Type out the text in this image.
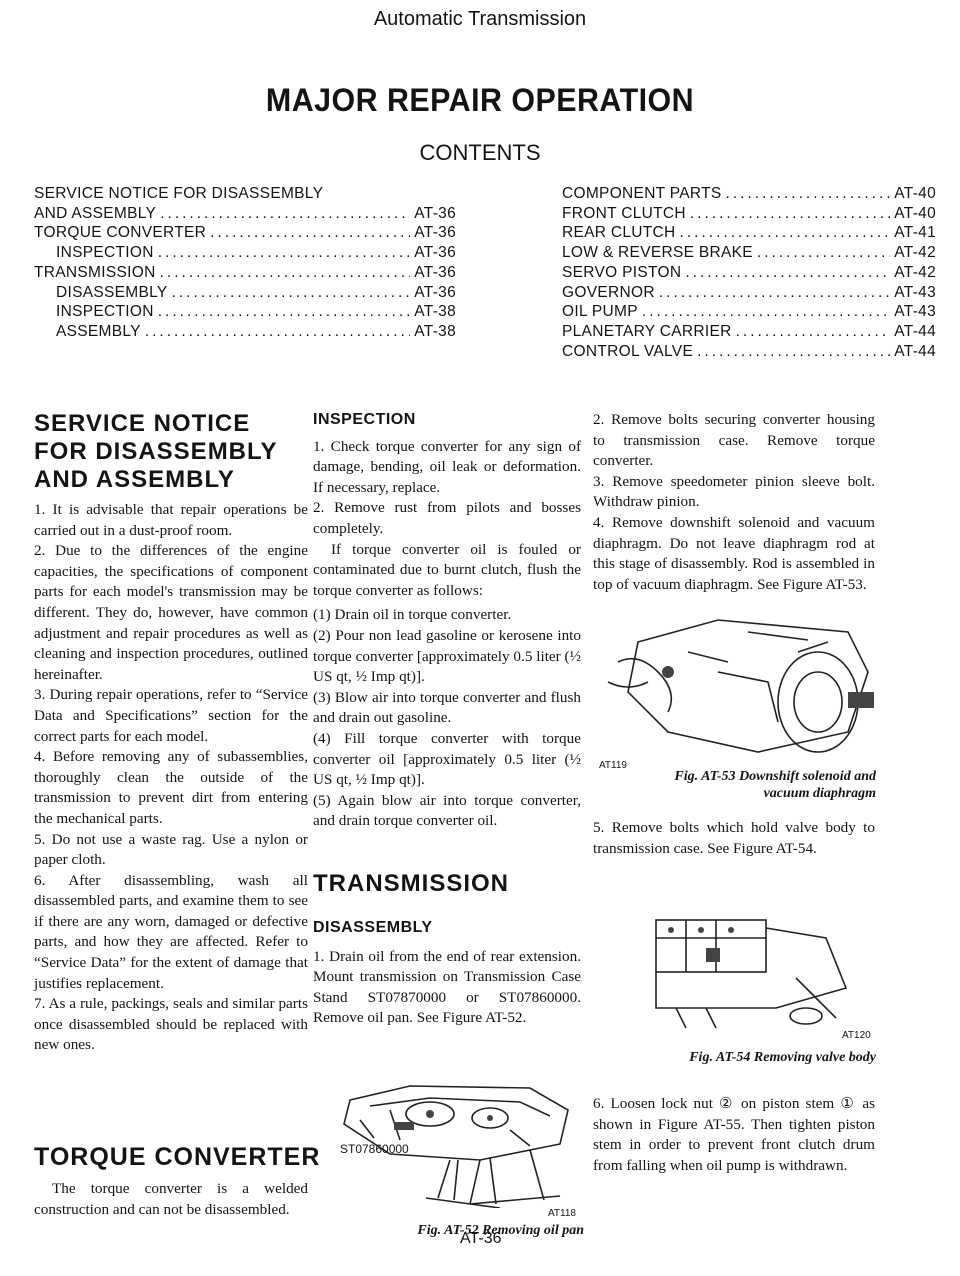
Automatic Transmission
MAJOR REPAIR OPERATION
CONTENTS
SERVICE NOTICE FOR DISASSEMBLY
AND ASSEMBLY .....	AT-36
TORQUE CONVERTER .....	AT-36
INSPECTION .....	AT-36
TRANSMISSION .....	AT-36
DISASSEMBLY .....	AT-36
INSPECTION .....	AT-38
ASSEMBLY .....	AT-38
COMPONENT PARTS .....	AT-40
FRONT CLUTCH .....	AT-40
REAR CLUTCH .....	AT-41
LOW & REVERSE BRAKE .....	AT-42
SERVO PISTON .....	AT-42
GOVERNOR .....	AT-43
OIL PUMP .....	AT-43
PLANETARY CARRIER .....	AT-44
CONTROL VALVE .....	AT-44

SERVICE NOTICE

FOR DISASSEMBLY

AND ASSEMBLY

1. It is advisable that repair operations be carried out in a dust-proof room.

2. Due to the differences of the engine capacities, the specifications of component parts for each model's transmission may be different. They do, however, have common adjustment and repair procedures as well as cleaning and inspection procedures, outlined hereinafter.

3. During repair operations, refer to “Service Data and Specifications” section for the correct parts for each model.

4. Before removing any of subassemblies, thoroughly clean the outside of the transmission to prevent dirt from entering the mechanical parts.

5. Do not use a waste rag. Use a nylon or paper cloth.

6. After disassembling, wash all disassembled parts, and examine them to see if there are any worn, damaged or defective parts, and how they are affected. Refer to “Service Data” for the extent of damage that justifies replacement.

7. As a rule, packings, seals and similar parts once disassembled should be replaced with new ones.

TORQUE CONVERTER

The torque converter is a welded construction and can not be disassembled.

INSPECTION

1. Check torque converter for any sign of damage, bending, oil leak or deformation. If necessary, replace.

2. Remove rust from pilots and bosses completely.

If torque converter oil is fouled or contaminated due to burnt clutch, flush the torque converter as follows:

(1) Drain oil in torque converter.

(2) Pour non lead gasoline or kerosene into torque converter [approximately 0.5 liter (½ US qt, ½ Imp qt)].

(3) Blow air into torque converter and flush and drain out gasoline.

(4) Fill torque converter with torque converter oil [approximately 0.5 liter (½ US qt, ½ Imp qt)].

(5) Again blow air into torque converter, and drain torque converter oil.

TRANSMISSION

DISASSEMBLY

1. Drain oil from the end of rear extension. Mount transmission on Transmission Case Stand ST07870000 or ST07860000. Remove oil pan. See Figure AT-52.

ST07860000
AT118
Fig. AT-52 Removing oil pan
AT-36

2. Remove bolts securing converter housing to transmission case. Remove torque converter.

3. Remove speedometer pinion sleeve bolt. Withdraw pinion.

4. Remove downshift solenoid and vacuum diaphragm. Do not leave diaphragm rod at this stage of disassembly. Rod is assembled in top of vacuum diaphragm. See Figure AT-53.

AT119
Fig. AT-53 Downshift solenoid and
vacuum diaphragm

5. Remove bolts which hold valve body to transmission case. See Figure AT-54.

AT120
Fig. AT-54 Removing valve body

6. Loosen lock nut ② on piston stem ① as shown in Figure AT-55. Then tighten piston stem in order to prevent front clutch drum from falling when oil pump is withdrawn.
